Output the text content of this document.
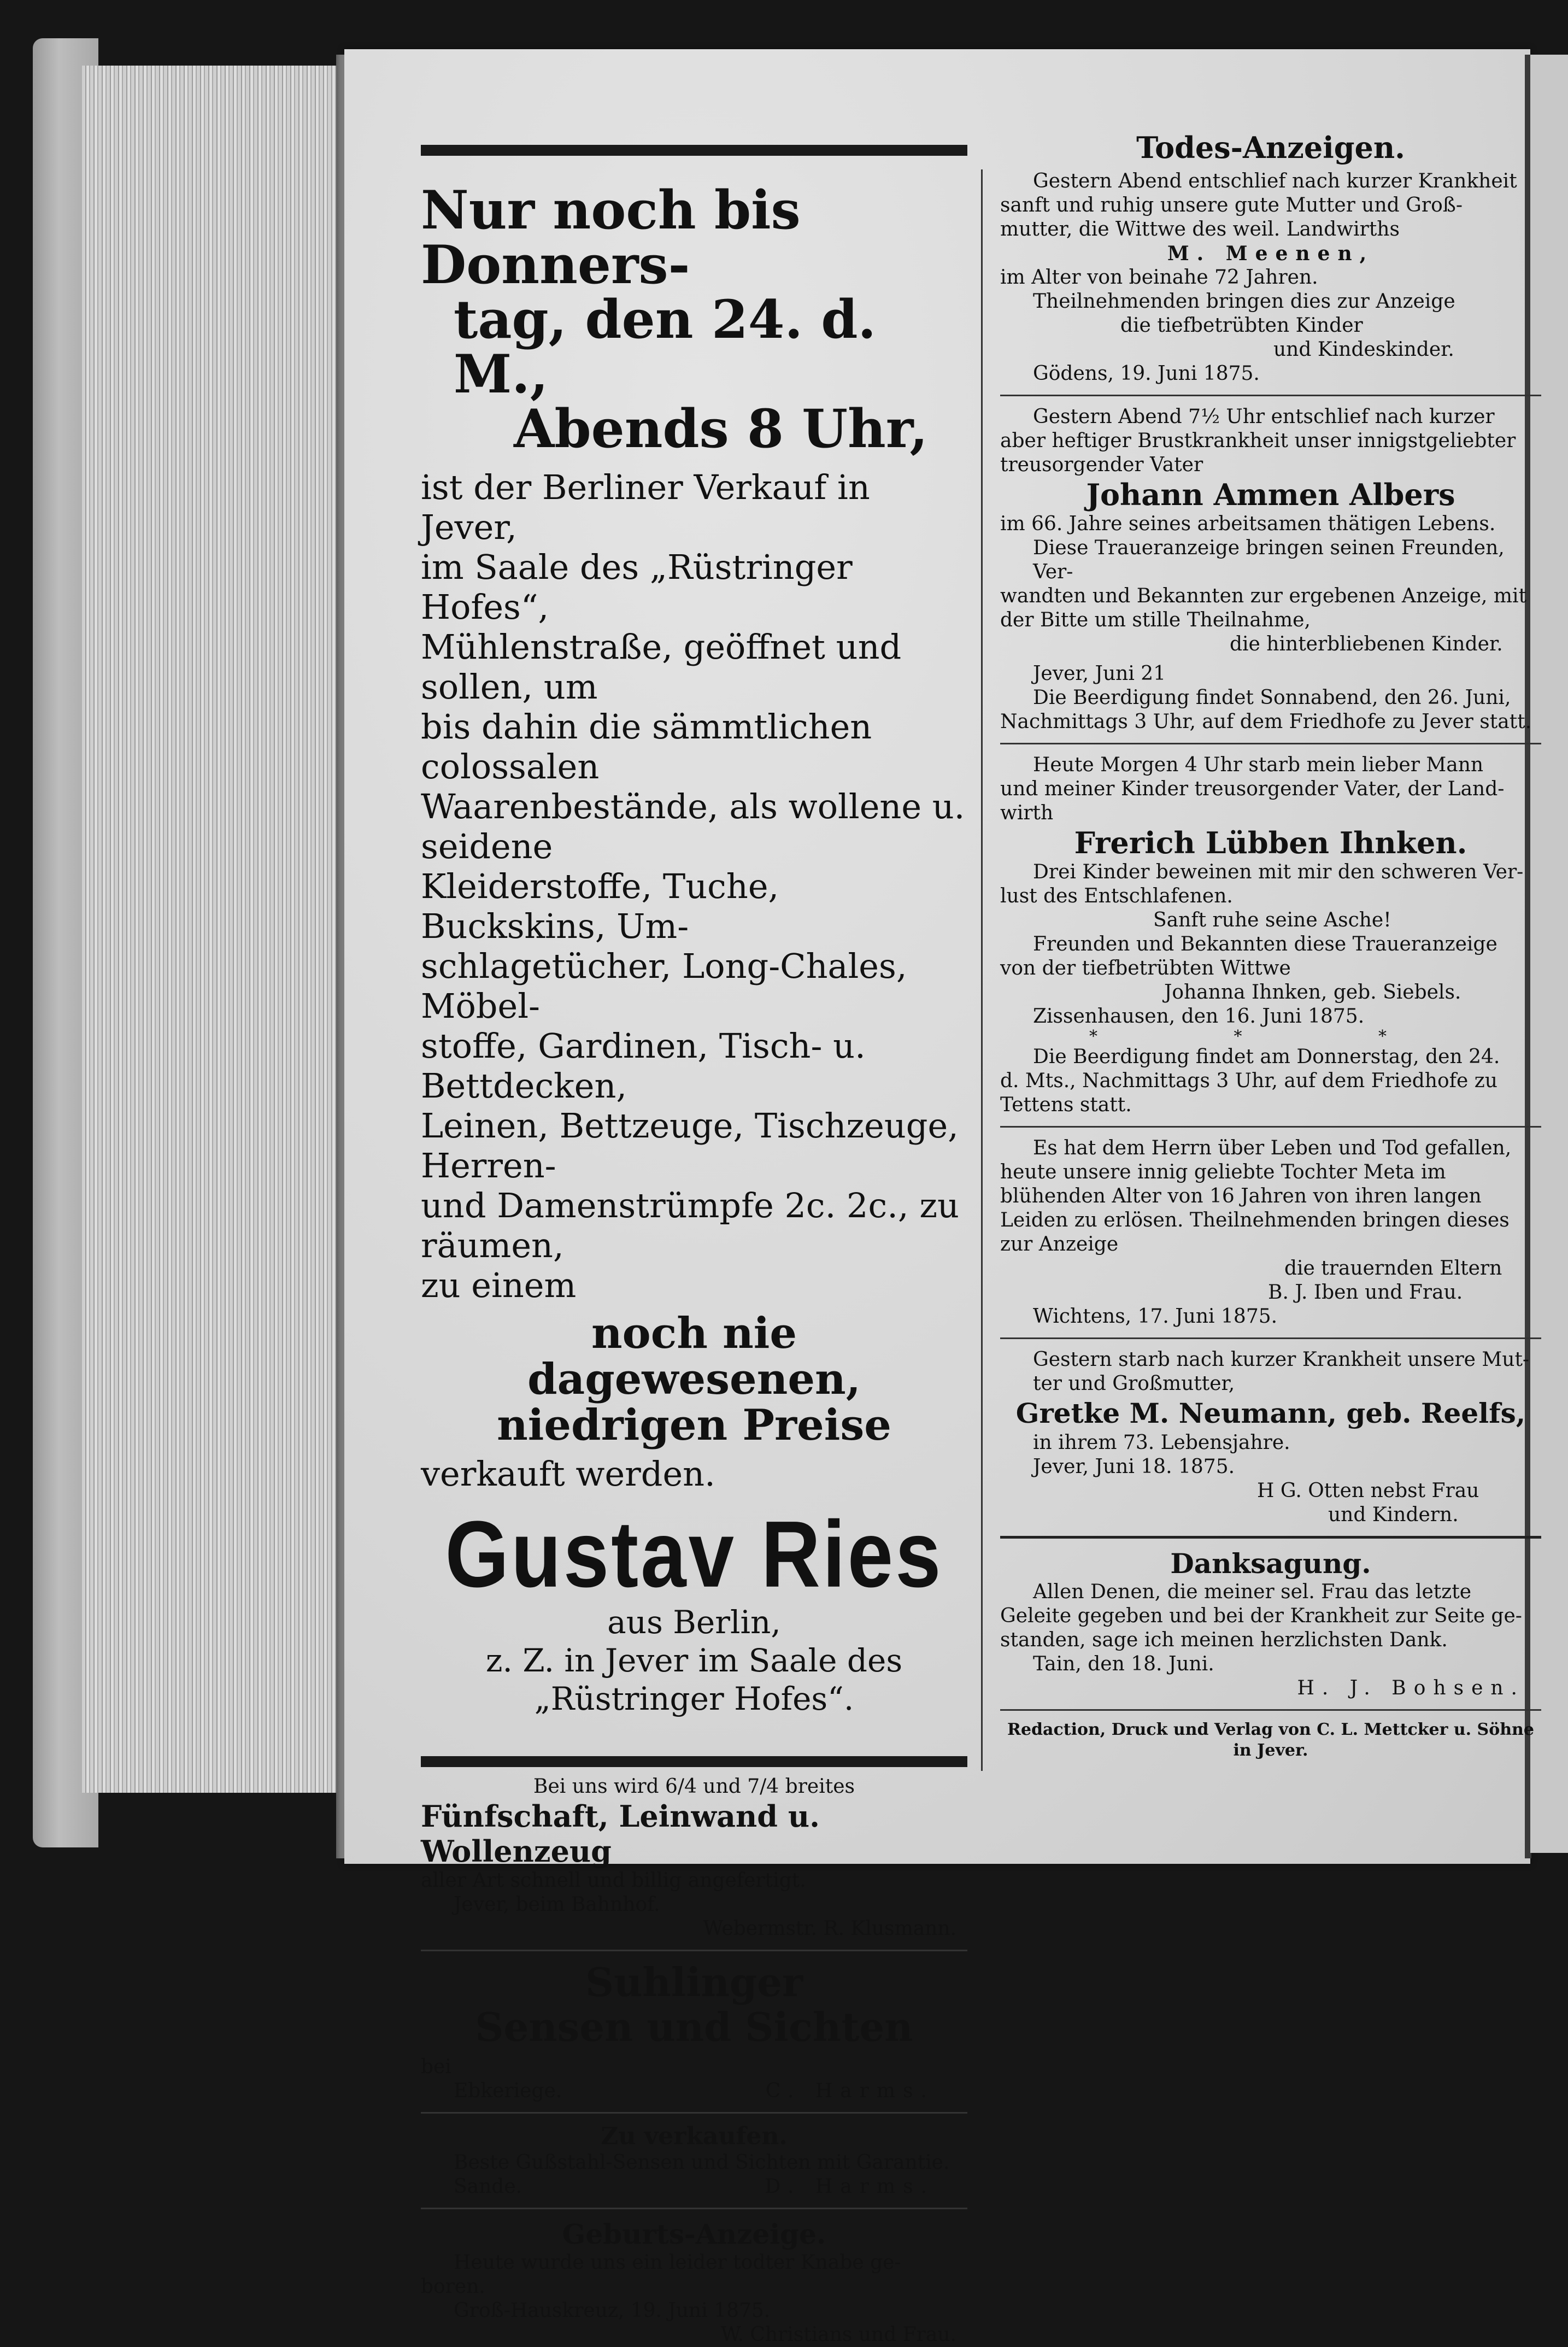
Nur noch bis Donners-
tag, den 24. d. M.,
Abends 8 Uhr,
ist der Berliner Verkauf in Jever,
im Saale des „Rüstringer Hofes“,
Mühlenstraße, geöffnet und sollen, um
bis dahin die sämmtlichen colossalen
Waarenbestände, als wollene u. seidene
Kleiderstoffe, Tuche, Buckskins, Um-
schlagetücher, Long-Chales, Möbel-
stoffe, Gardinen, Tisch- u. Bettdecken,
Leinen, Bettzeuge, Tischzeuge, Herren-
und Damenstrümpfe 2c. 2c., zu räumen,
zu einem
noch nie dagewesenen,
niedrigen Preise
verkauft werden.
Gustav Ries
aus Berlin,
z. Z. in Jever im Saale des
„Rüstringer Hofes“.
Bei uns wird 6/4 und 7/4 breites
Fünfschaft, Leinwand u. Wollenzeug
aller Art schnell und billig angefertigt.
Jever, beim Bahnhof.
Webermstr. R. Klusmann.
Suhlinger
Sensen und Sichten
bei
Ebkeriege.	C. Harms.
Zu verkaufen.
Beste Gußstahl-Sensen und Sichten mit Garantie.
Sande.	D. Harms.
Geburts-Anzeige.
Heute wurde uns ein leider todter Knabe ge-
boren.
Groß-Hauskreuz, 19. Juni 1875.
W. Christians und Frau.
Todes-Anzeigen.
Gestern Abend entschlief nach kurzer Krankheit
sanft und ruhig unsere gute Mutter und Groß-
mutter, die Wittwe des weil. Landwirths
M. Meenen,
im Alter von beinahe 72 Jahren.
Theilnehmenden bringen dies zur Anzeige
die tiefbetrübten Kinder
und Kindeskinder.
Gödens, 19. Juni 1875.
Gestern Abend 7½ Uhr entschlief nach kurzer
aber heftiger Brustkrankheit unser innigstgeliebter
treusorgender Vater
Johann Ammen Albers
im 66. Jahre seines arbeitsamen thätigen Lebens.
Diese Traueranzeige bringen seinen Freunden, Ver-
wandten und Bekannten zur ergebenen Anzeige, mit
der Bitte um stille Theilnahme,
die hinterbliebenen Kinder.
Jever, Juni 21
Die Beerdigung findet Sonnabend, den 26. Juni,
Nachmittags 3 Uhr, auf dem Friedhofe zu Jever statt.
Heute Morgen 4 Uhr starb mein lieber Mann
und meiner Kinder treusorgender Vater, der Land-
wirth
Frerich Lübben Ihnken.
Drei Kinder beweinen mit mir den schweren Ver-
lust des Entschlafenen.
Sanft ruhe seine Asche!
Freunden und Bekannten diese Traueranzeige
von der tiefbetrübten Wittwe
Johanna Ihnken, geb. Siebels.
Zissenhausen, den 16. Juni 1875.
* * *
Die Beerdigung findet am Donnerstag, den 24.
d. Mts., Nachmittags 3 Uhr, auf dem Friedhofe zu
Tettens statt.
Es hat dem Herrn über Leben und Tod gefallen,
heute unsere innig geliebte Tochter Meta im
blühenden Alter von 16 Jahren von ihren langen
Leiden zu erlösen. Theilnehmenden bringen dieses
zur Anzeige
die trauernden Eltern
B. J. Iben und Frau.
Wichtens, 17. Juni 1875.
Gestern starb nach kurzer Krankheit unsere Mut-
ter und Großmutter,
Gretke M. Neumann, geb. Reelfs,
in ihrem 73. Lebensjahre.
Jever, Juni 18. 1875.
H G. Otten nebst Frau
und Kindern.
Danksagung.
Allen Denen, die meiner sel. Frau das letzte
Geleite gegeben und bei der Krankheit zur Seite ge-
standen, sage ich meinen herzlichsten Dank.
Tain, den 18. Juni.
H. J. Bohsen.
Redaction, Druck und Verlag von C. L. Mettcker u. Söhne in Jever.
